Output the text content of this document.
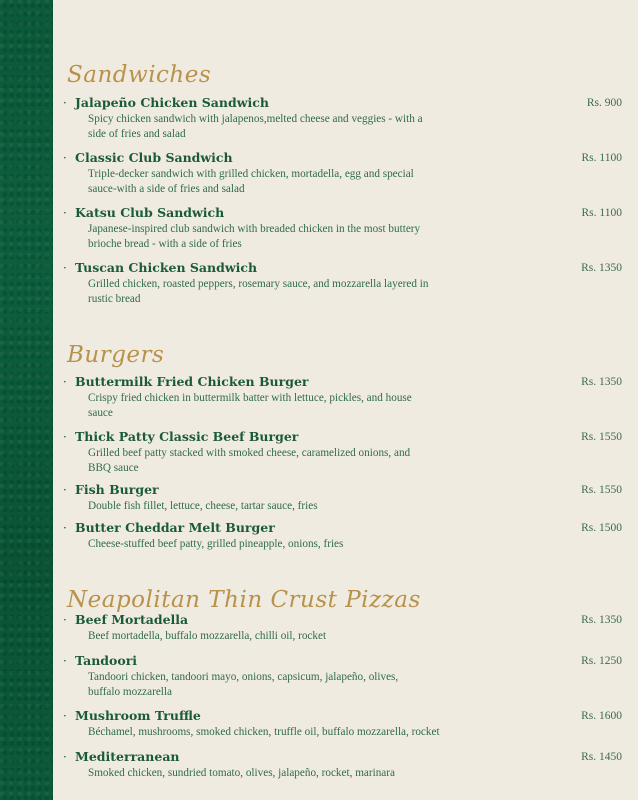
Sandwiches
· Jalapeño Chicken Sandwich	Rs. 900
Spicy chicken sandwich with jalapenos,melted cheese and veggies - with a side of fries and salad
· Classic Club Sandwich	Rs. 1100
Triple-decker sandwich with grilled chicken, mortadella, egg and special sauce-with a side of fries and salad
· Katsu Club Sandwich	Rs. 1100
Japanese-inspired club sandwich with breaded chicken in the most buttery brioche bread - with a side of fries
· Tuscan Chicken Sandwich	Rs. 1350
Grilled chicken, roasted peppers, rosemary sauce, and mozzarella layered in rustic bread
Burgers
· Buttermilk Fried Chicken Burger	Rs. 1350
Crispy fried chicken in buttermilk batter with lettuce, pickles, and house sauce
· Thick Patty Classic Beef Burger	Rs. 1550
Grilled beef patty stacked with smoked cheese, caramelized onions, and BBQ sauce
· Fish Burger	Rs. 1550
Double fish fillet, lettuce, cheese, tartar sauce, fries
· Butter Cheddar Melt Burger	Rs. 1500
Cheese-stuffed beef patty, grilled pineapple, onions, fries
Neapolitan Thin Crust Pizzas
· Beef Mortadella	Rs. 1350
Beef mortadella, buffalo mozzarella, chilli oil, rocket
· Tandoori	Rs. 1250
Tandoori chicken, tandoori mayo, onions, capsicum, jalapeño, olives, buffalo mozzarella
· Mushroom Truffle	Rs. 1600
Béchamel, mushrooms, smoked chicken, truffle oil, buffalo mozzarella, rocket
· Mediterranean	Rs. 1450
Smoked chicken, sundried tomato, olives, jalapeño, rocket, marinara
